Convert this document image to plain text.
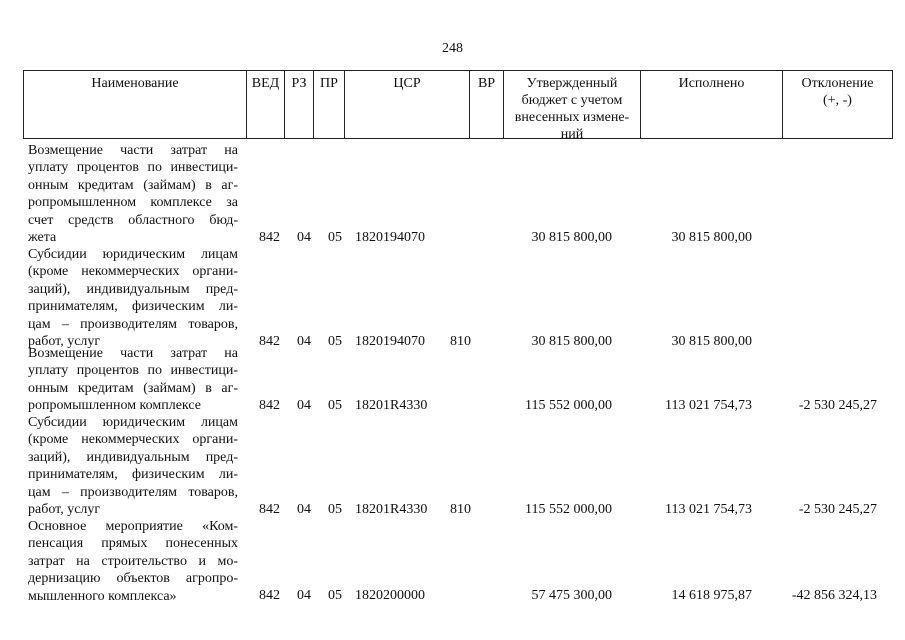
248
Наименование	ВЕД РЗ ПР	ЦСР	ВР	Утвержденный
бюджет с учетом
внесенных измене-
ний
Исполнено	Отклонение
(+, -)
Возмещение части затрат на
уплату процентов по инвестици-
онным кредитам (займам) в аг-
ропромышленном комплексе за
счет средств областного бюд-
жета	842 04 05 1820194070	30 815 800,00	30 815 800,00
Субсидии юридическим лицам
(кроме некоммерческих органи-
заций), индивидуальным пред-
принимателям, физическим ли-
цам – производителям товаров,
работ, услуг	842 04 05 1820194070 810	30 815 800,00	30 815 800,00
Возмещение части затрат на
уплату процентов по инвестици-
онным кредитам (займам) в аг-
ропромышленном комплексе	842 04 05 18201R4330	115 552 000,00	113 021 754,73	-2 530 245,27
Субсидии юридическим лицам
(кроме некоммерческих органи-
заций), индивидуальным пред-
принимателям, физическим ли-
цам – производителям товаров,
работ, услуг	842 04 05 18201R4330 810	115 552 000,00	113 021 754,73	-2 530 245,27
Основное мероприятие «Ком-
пенсация прямых понесенных
затрат на строительство и мо-
дернизацию объектов агропро-
мышленного комплекса»	842 04 05 1820200000	57 475 300,00	14 618 975,87	-42 856 324,13
